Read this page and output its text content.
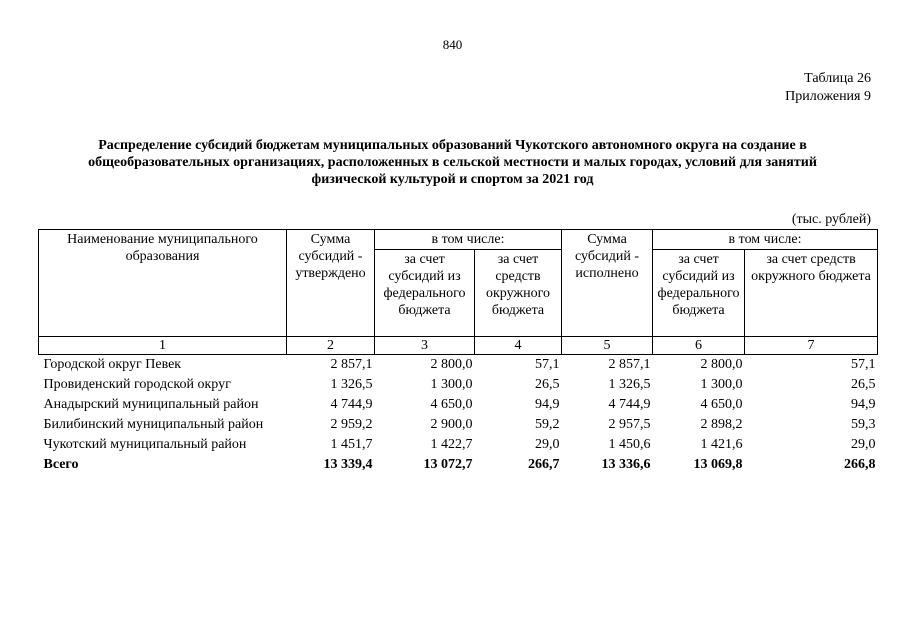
840
Таблица 26
Приложения 9
Распределение субсидий бюджетам муниципальных образований Чукотского автономного округа на создание в
общеобразовательных организациях, расположенных в сельской местности и малых городах, условий для занятий
физической культурой и спортом за 2021 год
(тыс. рублей)
Наименование муниципального образования	Сумма субсидий - утверждено	в том числе:		Сумма субсидий - исполнено	в том числе:	
		за счет субсидий из федерального бюджета	за счет средств окружного бюджета		за счет субсидий из федерального бюджета	за счет средств окружного бюджета
1	2	3	4	5	6	7
Городской округ Певек	2 857,1	2 800,0	57,1	2 857,1	2 800,0	57,1
Провиденский городской округ	1 326,5	1 300,0	26,5	1 326,5	1 300,0	26,5
Анадырский муниципальный район	4 744,9	4 650,0	94,9	4 744,9	4 650,0	94,9
Билибинский муниципальный район	2 959,2	2 900,0	59,2	2 957,5	2 898,2	59,3
Чукотский муниципальный район	1 451,7	1 422,7	29,0	1 450,6	1 421,6	29,0
Всего	13 339,4	13 072,7	266,7	13 336,6	13 069,8	266,8
